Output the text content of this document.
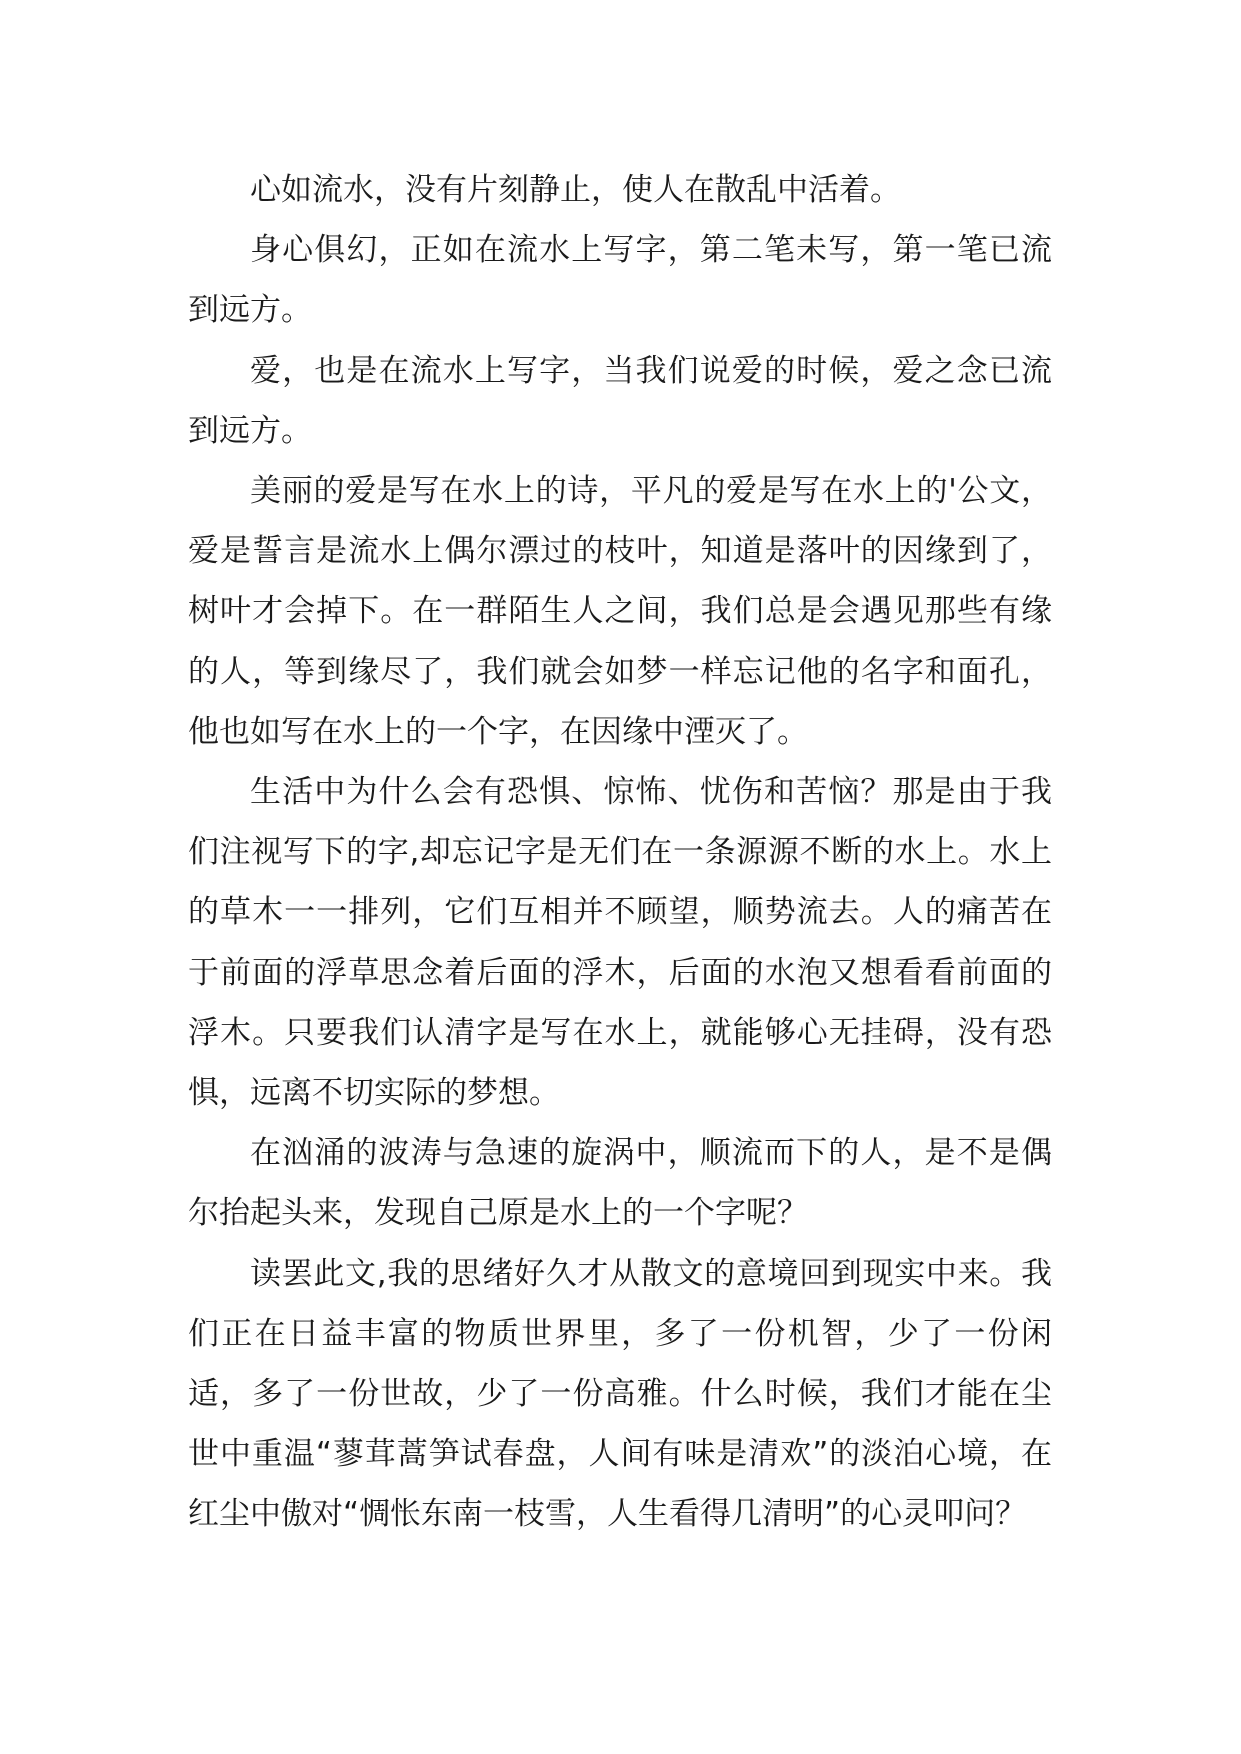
心如流水，没有片刻静止，使人在散乱中活着。

身心俱幻，正如在流水上写字，第二笔未写，第一笔已流到远方。

爱，也是在流水上写字，当我们说爱的时候，爱之念已流到远方。

美丽的爱是写在水上的诗，平凡的爱是写在水上的'公文，爱是誓言是流水上偶尔漂过的枝叶，知道是落叶的因缘到了，树叶才会掉下。在一群陌生人之间，我们总是会遇见那些有缘的人，等到缘尽了，我们就会如梦一样忘记他的名字和面孔，他也如写在水上的一个字，在因缘中湮灭了。

生活中为什么会有恐惧、惊怖、忧伤和苦恼？那是由于我们注视写下的字,却忘记字是无们在一条源源不断的水上。水上的草木一一排列，它们互相并不顾望，顺势流去。人的痛苦在于前面的浮草思念着后面的浮木，后面的水泡又想看看前面的浮木。只要我们认清字是写在水上，就能够心无挂碍，没有恐惧，远离不切实际的梦想。

在汹涌的波涛与急速的旋涡中，顺流而下的人，是不是偶尔抬起头来，发现自己原是水上的一个字呢？

读罢此文,我的思绪好久才从散文的意境回到现实中来。我们正在日益丰富的物质世界里，多了一份机智，少了一份闲适，多了一份世故，少了一份高雅。什么时候，我们才能在尘世中重温“蓼茸蒿笋试春盘，人间有味是清欢”的淡泊心境，在红尘中傲对“惆怅东南一枝雪，人生看得几清明”的心灵叩问？
